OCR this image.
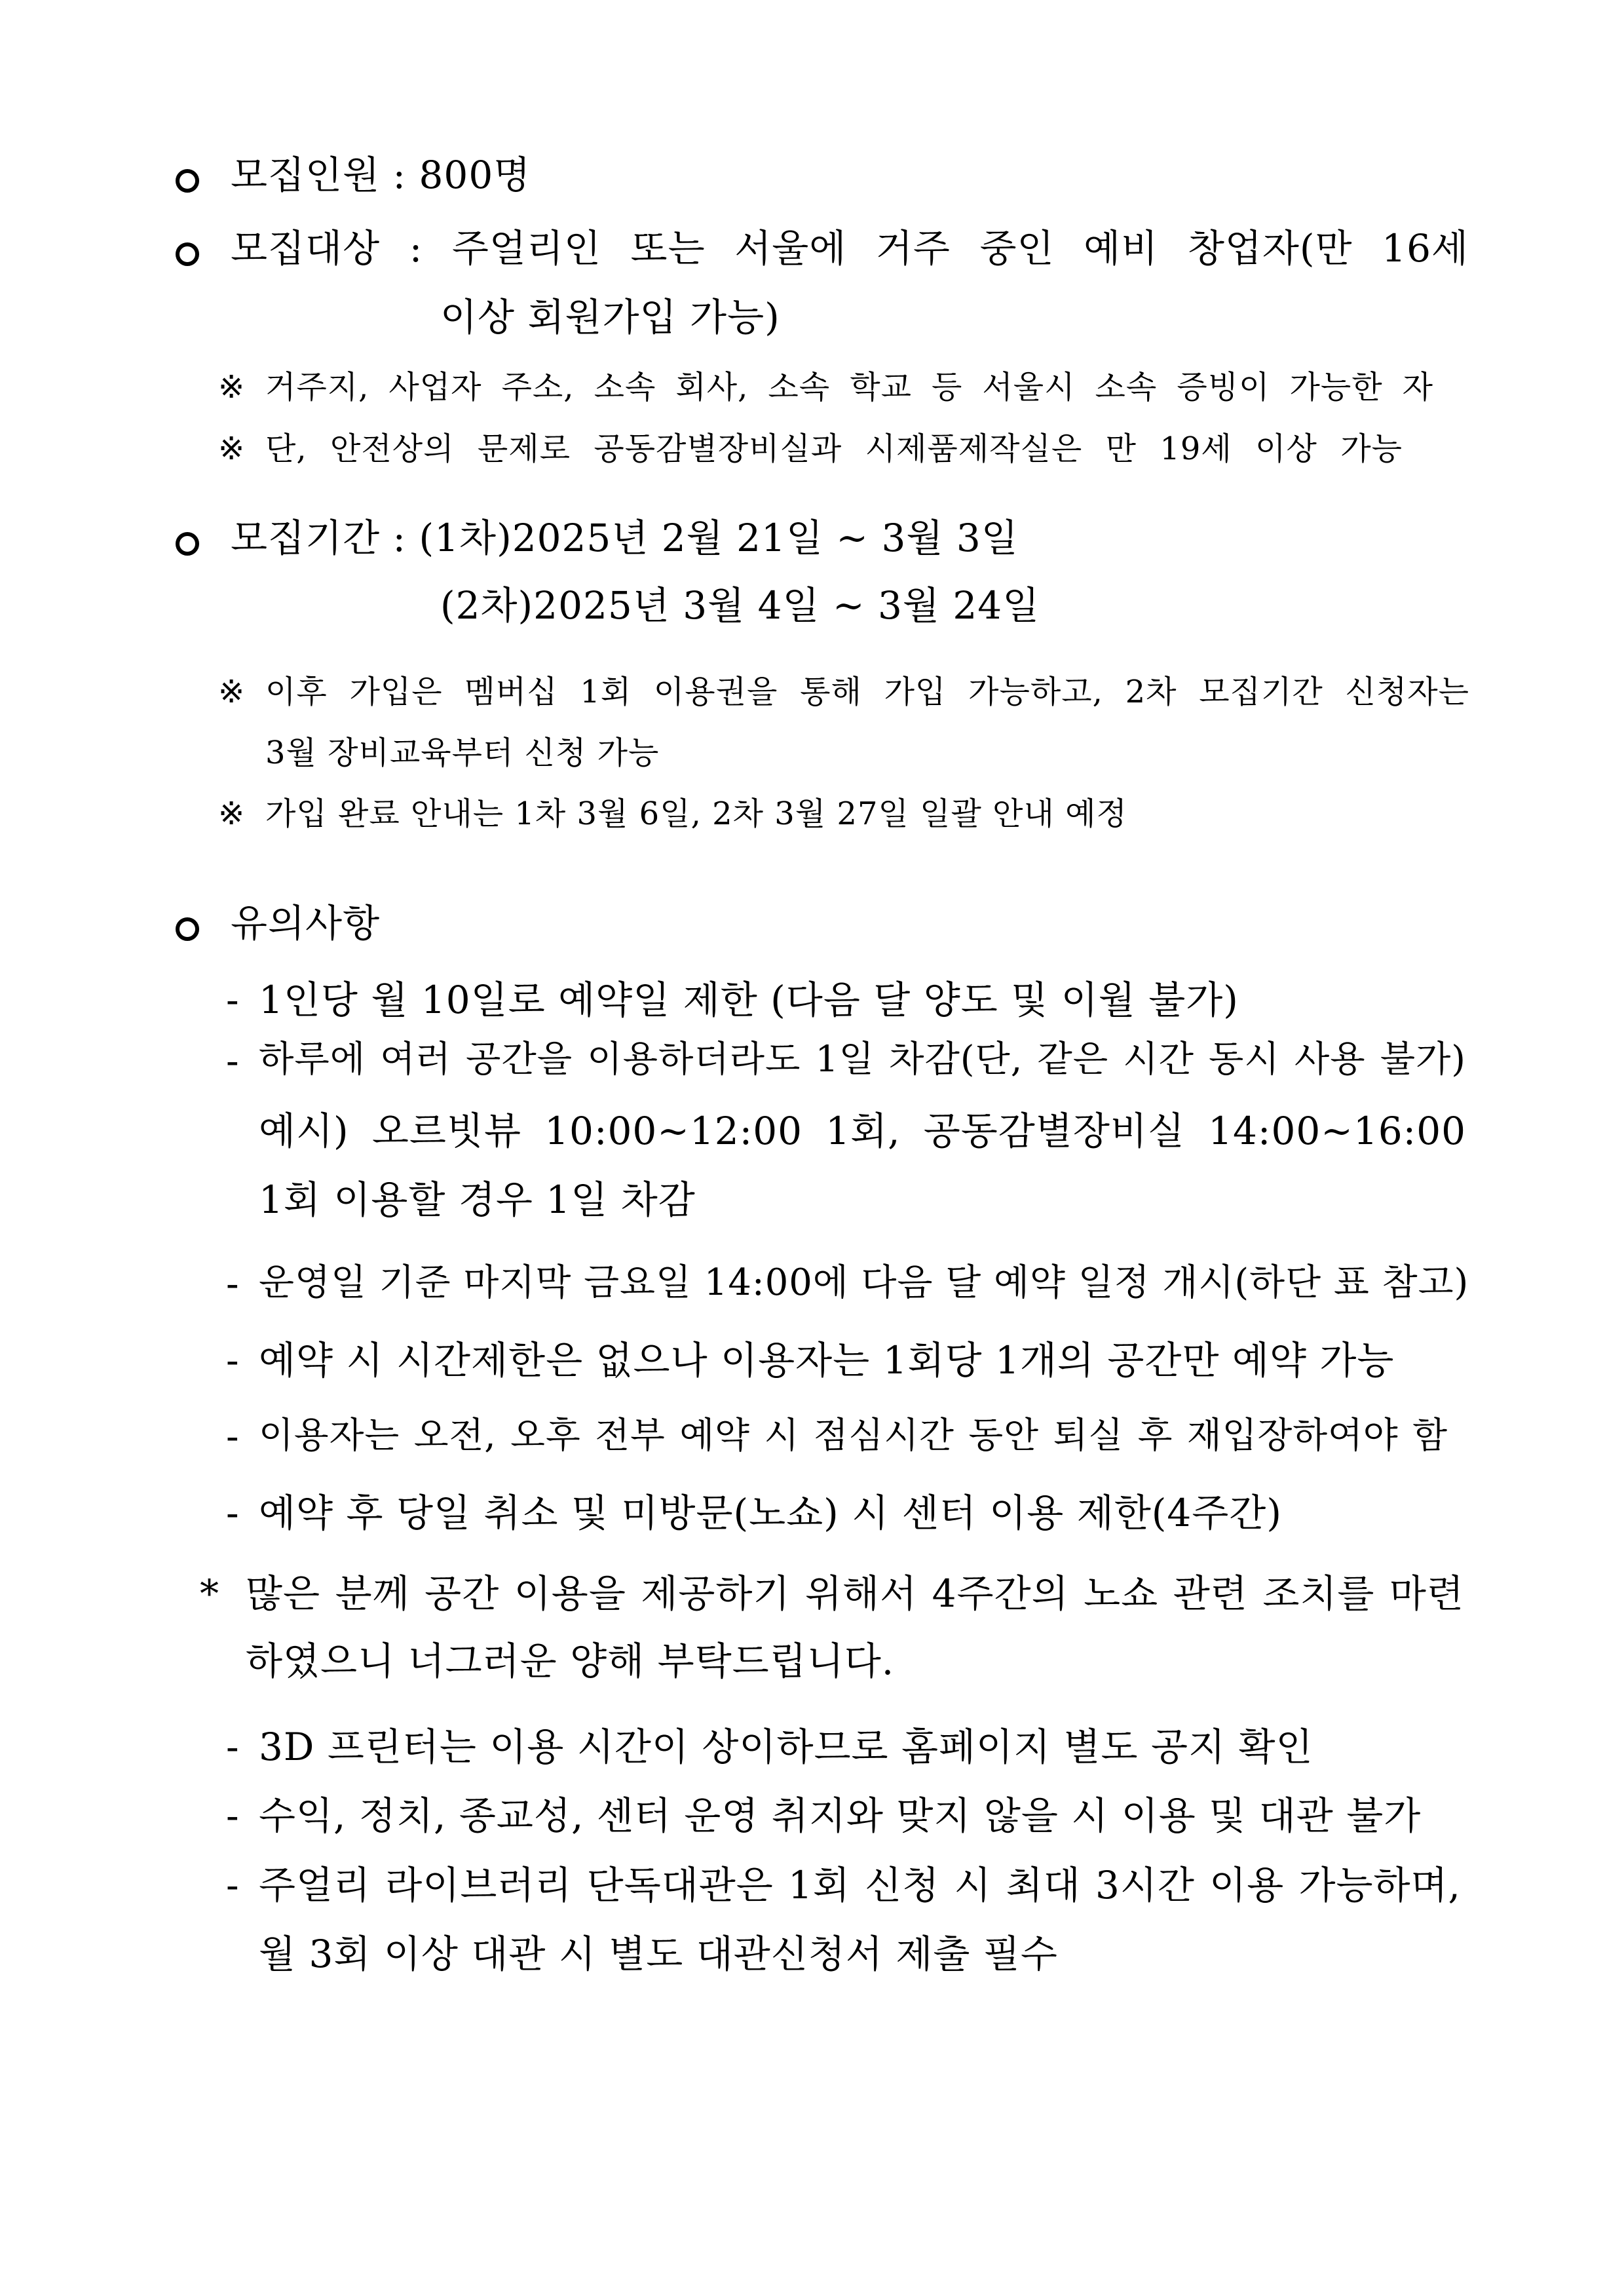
모집인원 : 800명
모집대상 : 주얼리인 또는 서울에 거주 중인 예비 창업자(만 16세
이상 회원가입 가능)
※ 거주지, 사업자 주소, 소속 회사, 소속 학교 등 서울시 소속 증빙이 가능한 자
※ 단, 안전상의 문제로 공동감별장비실과 시제품제작실은 만 19세 이상 가능
모집기간 : (1차)2025년 2월 21일 ~ 3월 3일
(2차)2025년 3월 4일 ~ 3월 24일
※ 이후 가입은 멤버십 1회 이용권을 통해 가입 가능하고, 2차 모집기간 신청자는
3월 장비교육부터 신청 가능
※ 가입 완료 안내는 1차 3월 6일, 2차 3월 27일 일괄 안내 예정
유의사항
- 1인당 월 10일로 예약일 제한 (다음 달 양도 및 이월 불가)
- 하루에 여러 공간을 이용하더라도 1일 차감(단, 같은 시간 동시 사용 불가)
예시) 오르빗뷰 10:00~12:00 1회, 공동감별장비실 14:00~16:00
1회 이용할 경우 1일 차감
- 운영일 기준 마지막 금요일 14:00에 다음 달 예약 일정 개시(하단 표 참고)
- 예약 시 시간제한은 없으나 이용자는 1회당 1개의 공간만 예약 가능
- 이용자는 오전, 오후 전부 예약 시 점심시간 동안 퇴실 후 재입장하여야 함
- 예약 후 당일 취소 및 미방문(노쇼) 시 센터 이용 제한(4주간)
* 많은 분께 공간 이용을 제공하기 위해서 4주간의 노쇼 관련 조치를 마련
하였으니 너그러운 양해 부탁드립니다.
- 3D 프린터는 이용 시간이 상이하므로 홈페이지 별도 공지 확인
- 수익, 정치, 종교성, 센터 운영 취지와 맞지 않을 시 이용 및 대관 불가
- 주얼리 라이브러리 단독대관은 1회 신청 시 최대 3시간 이용 가능하며,
월 3회 이상 대관 시 별도 대관신청서 제출 필수
